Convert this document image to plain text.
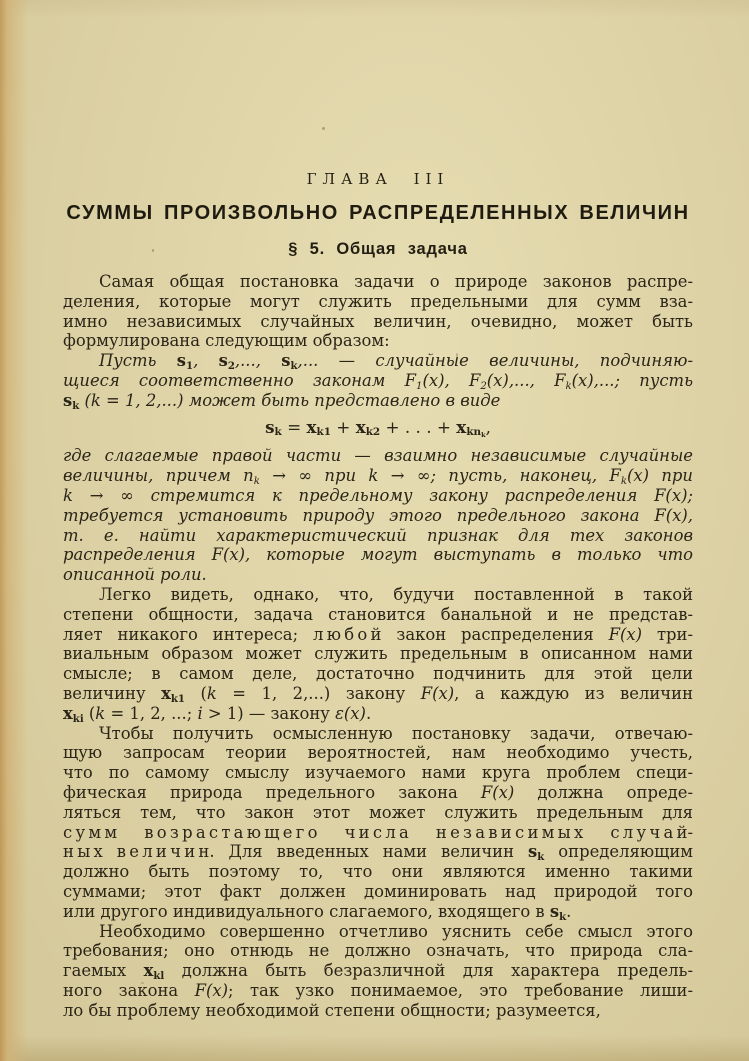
ГЛАВА III
СУММЫ ПРОИЗВОЛЬНО РАСПРЕДЕЛЕННЫХ ВЕЛИЧИН
§ 5. Общая задача
Самая общая постановка задачи о природе законов распре-
деления, которые могут служить предельными для сумм вза-
имно независимых случайных величин, очевидно, может быть
формулирована следующим образом:
Пусть $s_1$, $s_2$,..., $s_k$,... — случайные величины, подчиняю-
щиеся соответственно законам $F_1(x)$, $F_2(x)$,..., $F_k(x)$,...; пусть
$s_k$ (k = 1, 2,...) может быть представлено в виде
$s_k = x_{k1} + x_{k2}$ + . . . + $x_{kn_k}$,
где слагаемые правой части — взаимно независимые случайные
величины, причем $n_k$ → ∞ при k → ∞; пусть, наконец, $F_k(x)$ при
k → ∞ стремится к предельному закону распределения F(x);
требуется установить природу этого предельного закона F(x),
т. е. найти характеристический признак для тех законов
распределения F(x), которые могут выступать в только что
описанной роли.
Легко видеть, однако, что, будучи поставленной в такой
степени общности, задача становится банальной и не представ-
ляет никакого интереса; л ю б о й закон распределения F(x) три-
виальным образом может служить предельным в описанном нами
смысле; в самом деле, достаточно подчинить для этой цели
величину $x_{k1}$ (k = 1, 2,...) закону F(x), а каждую из величин
$x_{ki}$ (k = 1, 2, ...; i > 1) — закону ε(x).
Чтобы получить осмысленную постановку задачи, отвечаю-
щую запросам теории вероятностей, нам необходимо учесть,
что по самому смыслу изучаемого нами круга проблем специ-
фическая природа предельного закона F(x) должна опреде-
ляться тем, что закон этот может служить предельным для
с у м м в о з р а с т а ю щ е г о ч и с л а н е з а в и с и м ы х с л у ч а й-
н ы х в е л и ч и н. Для введенных нами величин $s_k$ определяющим
должно быть поэтому то, что они являются именно такими
суммами; этот факт должен доминировать над природой того
или другого индивидуального слагаемого, входящего в $s_k$.
Необходимо совершенно отчетливо уяснить себе смысл этого
требования; оно отнюдь не должно означать, что природа сла-
гаемых $x_{kl}$ должна быть безразличной для характера предель-
ного закона F(x); так узко понимаемое, это требование лиши-
ло бы проблему необходимой степени общности; разумеется,
